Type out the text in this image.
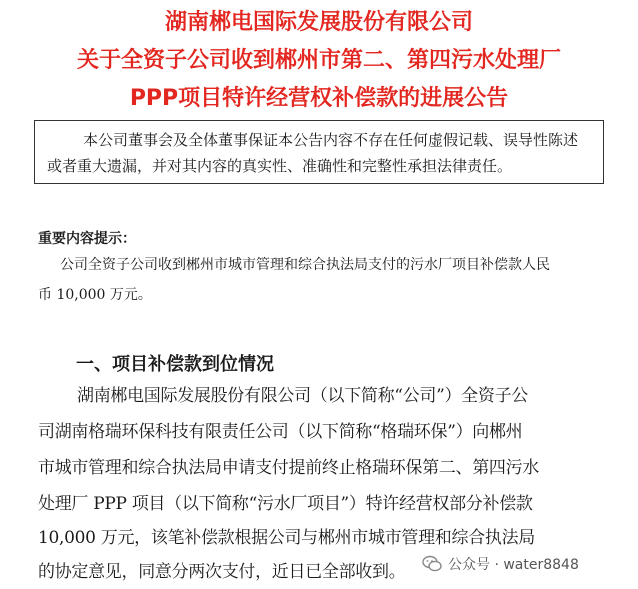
湖南郴电国际发展股份有限公司
关于全资子公司收到郴州市第二、第四污水处理厂
PPP项目特许经营权补偿款的进展公告
本公司董事会及全体董事保证本公告内容不存在任何虚假记载、误导性陈述
或者重大遗漏，并对其内容的真实性、准确性和完整性承担法律责任。
重要内容提示：
公司全资子公司收到郴州市城市管理和综合执法局支付的污水厂项目补偿款人民
币 10,000 万元。
一、项目补偿款到位情况
湖南郴电国际发展股份有限公司（以下简称“公司”）全资子公
司湖南格瑞环保科技有限责任公司（以下简称“格瑞环保”）向郴州
市城市管理和综合执法局申请支付提前终止格瑞环保第二、第四污水
处理厂 PPP 项目（以下简称“污水厂项目”）特许经营权部分补偿款
10,000 万元，该笔补偿款根据公司与郴州市城市管理和综合执法局
的协定意见，同意分两次支付，近日已全部收到。	公众号 · water8848
